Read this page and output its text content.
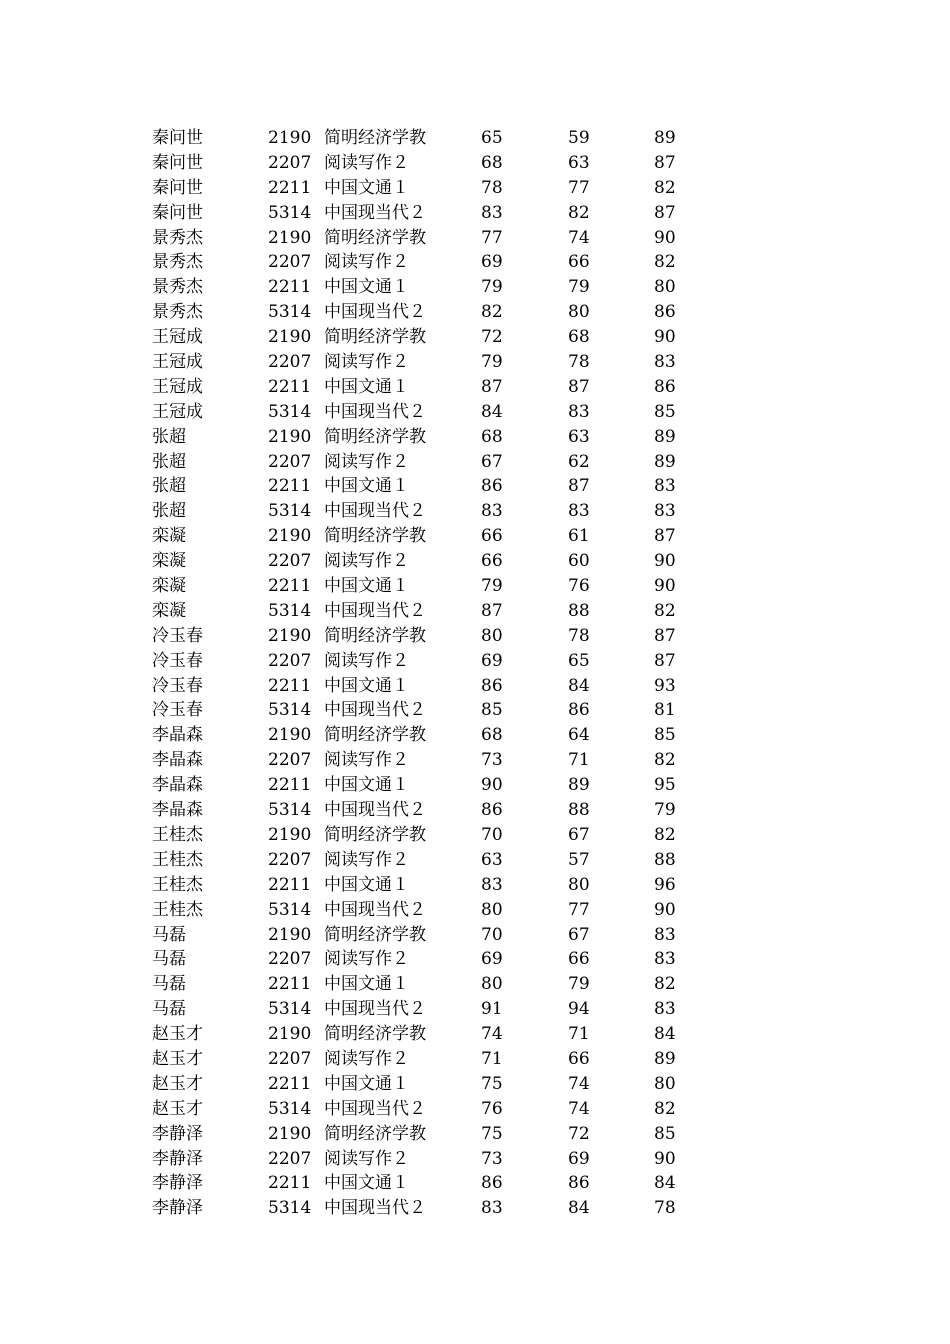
秦问世	2190 简明经济学教	65	59	89
秦问世	2207 阅读写作２	68	63	87
秦问世	2211 中国文通１	78	77	82
秦问世	5314 中国现当代２	83	82	87
景秀杰	2190 简明经济学教	77	74	90
景秀杰	2207 阅读写作２	69	66	82
景秀杰	2211 中国文通１	79	79	80
景秀杰	5314 中国现当代２	82	80	86
王冠成	2190 简明经济学教	72	68	90
王冠成	2207 阅读写作２	79	78	83
王冠成	2211 中国文通１	87	87	86
王冠成	5314 中国现当代２	84	83	85
张超	2190 简明经济学教	68	63	89
张超	2207 阅读写作２	67	62	89
张超	2211 中国文通１	86	87	83
张超	5314 中国现当代２	83	83	83
栾凝	2190 简明经济学教	66	61	87
栾凝	2207 阅读写作２	66	60	90
栾凝	2211 中国文通１	79	76	90
栾凝	5314 中国现当代２	87	88	82
冷玉春	2190 简明经济学教	80	78	87
冷玉春	2207 阅读写作２	69	65	87
冷玉春	2211 中国文通１	86	84	93
冷玉春	5314 中国现当代２	85	86	81
李晶森	2190 简明经济学教	68	64	85
李晶森	2207 阅读写作２	73	71	82
李晶森	2211 中国文通１	90	89	95
李晶森	5314 中国现当代２	86	88	79
王桂杰	2190 简明经济学教	70	67	82
王桂杰	2207 阅读写作２	63	57	88
王桂杰	2211 中国文通１	83	80	96
王桂杰	5314 中国现当代２	80	77	90
马磊	2190 简明经济学教	70	67	83
马磊	2207 阅读写作２	69	66	83
马磊	2211 中国文通１	80	79	82
马磊	5314 中国现当代２	91	94	83
赵玉才	2190 简明经济学教	74	71	84
赵玉才	2207 阅读写作２	71	66	89
赵玉才	2211 中国文通１	75	74	80
赵玉才	5314 中国现当代２	76	74	82
李静泽	2190 简明经济学教	75	72	85
李静泽	2207 阅读写作２	73	69	90
李静泽	2211 中国文通１	86	86	84
李静泽	5314 中国现当代２	83	84	78
